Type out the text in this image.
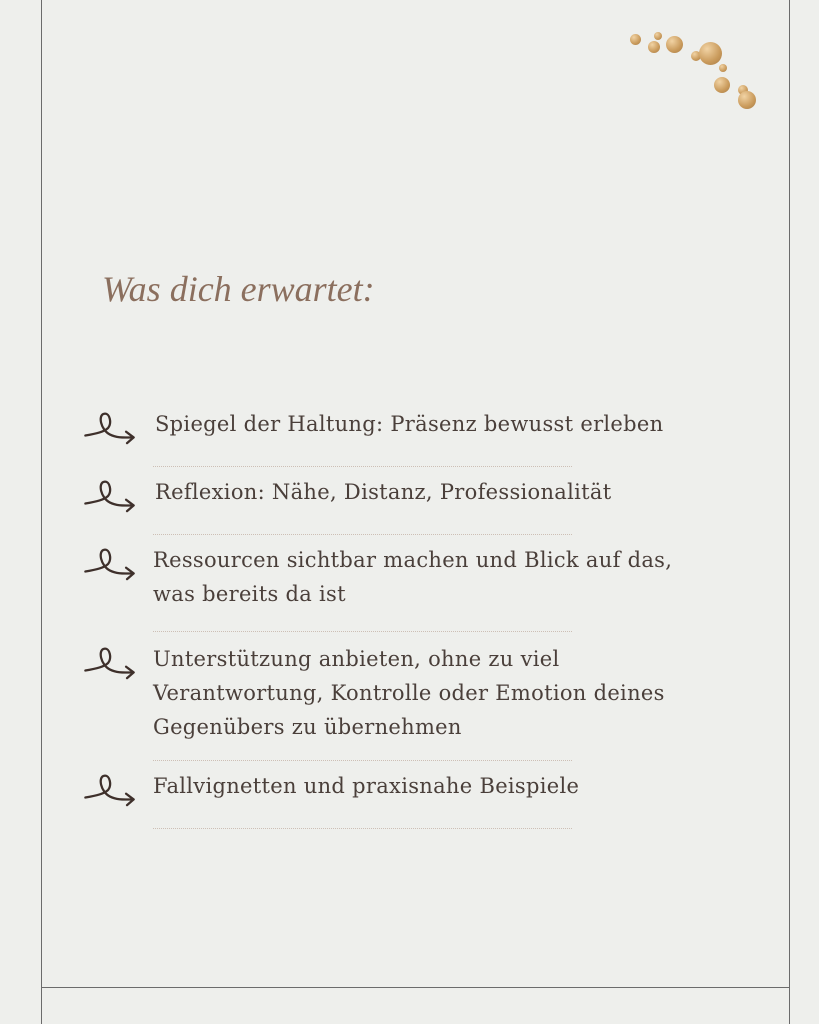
Was dich erwartet:
Spiegel der Haltung: Präsenz bewusst erleben
Reflexion: Nähe, Distanz, Professionalität
Ressourcen sichtbar machen und Blick auf das, was bereits da ist
Unterstützung anbieten, ohne zu viel Verantwortung, Kontrolle oder Emotion deines Gegenübers zu übernehmen
Fallvignetten und praxisnahe Beispiele
